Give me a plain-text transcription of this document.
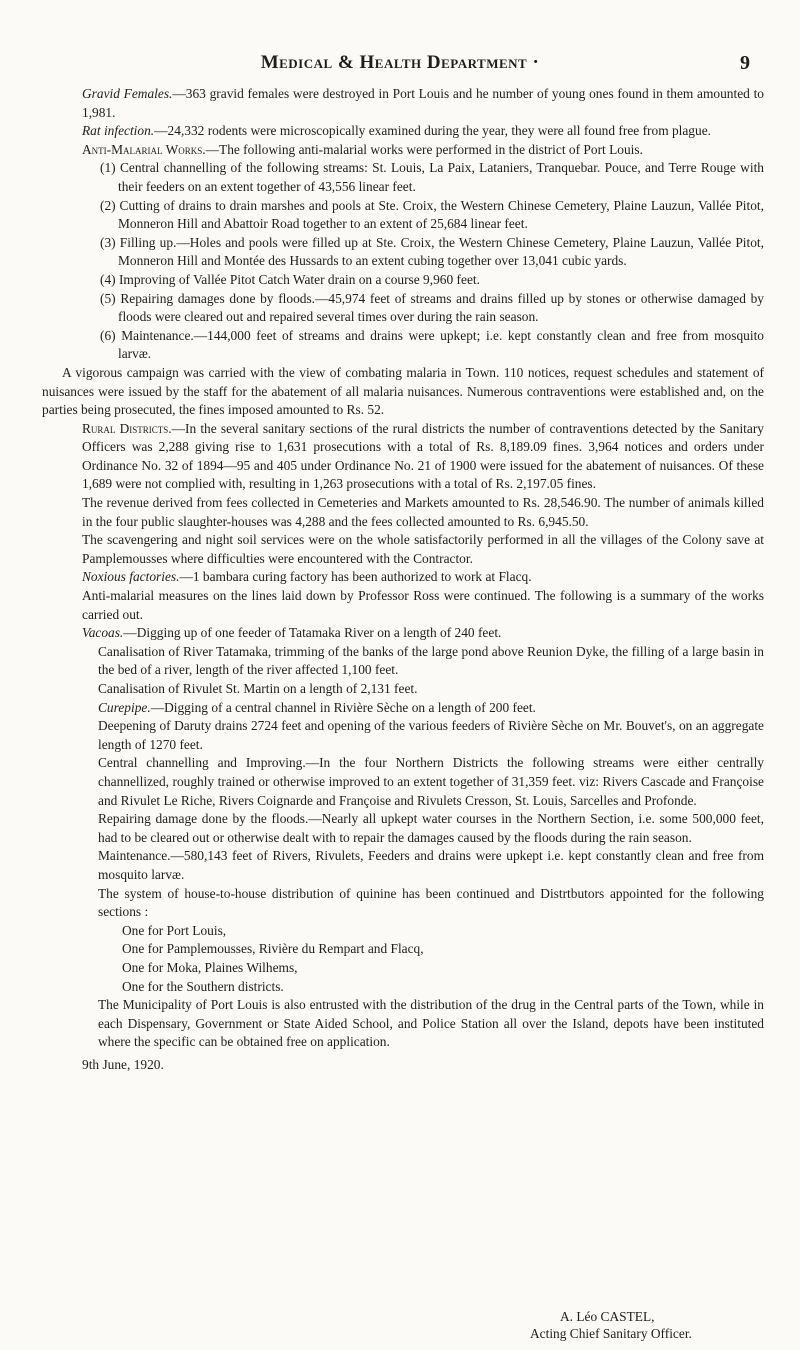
Medical & Health Department ·	9

Gravid Females.—363 gravid females were destroyed in Port Louis and he number of young ones found in them amounted to 1,981.

Rat infection.—24,332 rodents were microscopically examined during the year, they were all found free from plague.

Anti-Malarial Works.—The following anti-malarial works were performed in the district of Port Louis.

(1) Central channelling of the following streams: St. Louis, La Paix, Lataniers, Tranquebar. Pouce, and Terre Rouge with their feeders on an extent together of 43,556 linear feet.

(2) Cutting of drains to drain marshes and pools at Ste. Croix, the Western Chinese Cemetery, Plaine Lauzun, Vallée Pitot, Monneron Hill and Abattoir Road together to an extent of 25,684 linear feet.

(3) Filling up.—Holes and pools were filled up at Ste. Croix, the Western Chinese Cemetery, Plaine Lauzun, Vallée Pitot, Monneron Hill and Montée des Hussards to an extent cubing together over 13,041 cubic yards.

(4) Improving of Vallée Pitot Catch Water drain on a course 9,960 feet.

(5) Repairing damages done by floods.—45,974 feet of streams and drains filled up by stones or otherwise damaged by floods were cleared out and repaired several times over during the rain season.

(6) Maintenance.—144,000 feet of streams and drains were upkept; i.e. kept constantly clean and free from mosquito larvæ.

A vigorous campaign was carried with the view of combating malaria in Town. 110 notices, request schedules and statement of nuisances were issued by the staff for the abatement of all malaria nuisances. Numerous contraventions were established and, on the parties being prosecuted, the fines imposed amounted to Rs. 52.

Rural Districts.—In the several sanitary sections of the rural districts the number of contraventions detected by the Sanitary Officers was 2,288 giving rise to 1,631 prosecutions with a total of Rs. 8,189.09 fines. 3,964 notices and orders under Ordinance No. 32 of 1894—95 and 405 under Ordinance No. 21 of 1900 were issued for the abatement of nuisances. Of these 1,689 were not complied with, resulting in 1,263 prosecutions with a total of Rs. 2,197.05 fines.

The revenue derived from fees collected in Cemeteries and Markets amounted to Rs. 28,546.90. The number of animals killed in the four public slaughter-houses was 4,288 and the fees collected amounted to Rs. 6,945.50.

The scavengering and night soil services were on the whole satisfactorily performed in all the villages of the Colony save at Pamplemousses where difficulties were encountered with the Contractor.

Noxious factories.—1 bambara curing factory has been authorized to work at Flacq.

Anti-malarial measures on the lines laid down by Professor Ross were continued. The following is a summary of the works carried out.

Vacoas.—Digging up of one feeder of Tatamaka River on a length of 240 feet.

Canalisation of River Tatamaka, trimming of the banks of the large pond above Reunion Dyke, the filling of a large basin in the bed of a river, length of the river affected 1,100 feet.

Canalisation of Rivulet St. Martin on a length of 2,131 feet.

Curepipe.—Digging of a central channel in Rivière Sèche on a length of 200 feet.

Deepening of Daruty drains 2724 feet and opening of the various feeders of Rivière Sèche on Mr. Bouvet's, on an aggregate length of 1270 feet.

Central channelling and Improving.—In the four Northern Districts the following streams were either centrally channellized, roughly trained or otherwise improved to an extent together of 31,359 feet. viz: Rivers Cascade and Françoise and Rivulet Le Riche, Rivers Coignarde and Françoise and Rivulets Cresson, St. Louis, Sarcelles and Profonde.

Repairing damage done by the floods.—Nearly all upkept water courses in the Northern Section, i.e. some 500,000 feet, had to be cleared out or otherwise dealt with to repair the damages caused by the floods during the rain season.

Maintenance.—580,143 feet of Rivers, Rivulets, Feeders and drains were upkept i.e. kept constantly clean and free from mosquito larvæ.

The system of house-to-house distribution of quinine has been continued and Distrtbutors appointed for the following sections :

One for Port Louis,

One for Pamplemousses, Rivière du Rempart and Flacq,

One for Moka, Plaines Wilhems,

One for the Southern districts.

The Municipality of Port Louis is also entrusted with the distribution of the drug in the Central parts of the Town, while in each Dispensary, Government or State Aided School, and Police Station all over the Island, depots have been instituted where the specific can be obtained free on application.

9th June, 1920.

A. Léo CASTEL,
Acting Chief Sanitary Officer.
